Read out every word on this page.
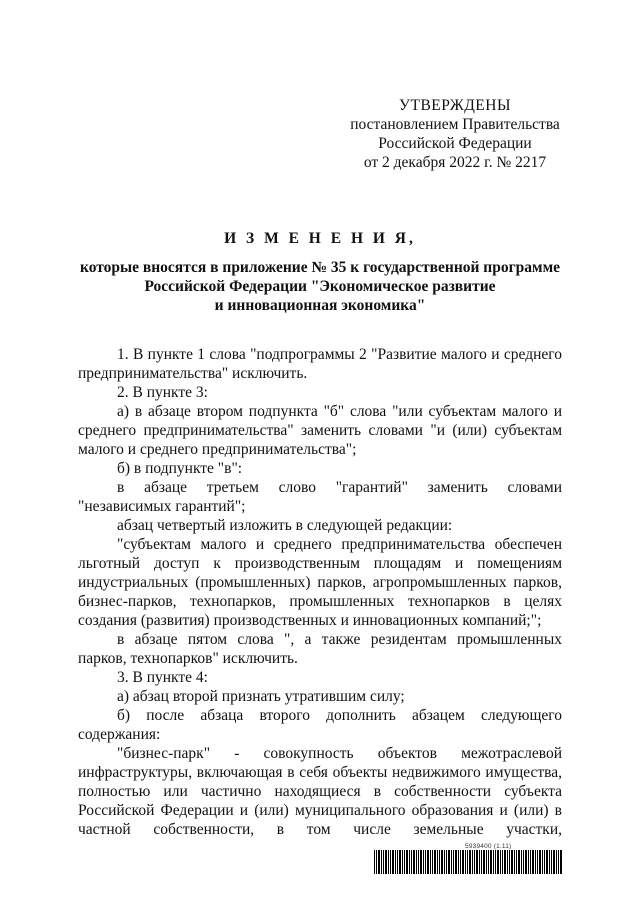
УТВЕРЖДЕНЫ
постановлением Правительства
Российской Федерации
от 2 декабря 2022 г. № 2217
И З М Е Н Е Н И Я,
которые вносятся в приложение № 35 к государственной программе
Российской Федерации "Экономическое развитие
и инновационная экономика"

1. В пункте 1 слова "подпрограммы 2 "Развитие малого и среднего предпринимательства" исключить.

2. В пункте 3:

а) в абзаце втором подпункта "б" слова "или субъектам малого и среднего предпринимательства" заменить словами "и (или) субъектам малого и среднего предпринимательства";

б) в подпункте "в":

в абзаце третьем слово "гарантий" заменить словами "независимых гарантий";

абзац четвертый изложить в следующей редакции:

"субъектам малого и среднего предпринимательства обеспечен льготный доступ к производственным площадям и помещениям индустриальных (промышленных) парков, агропромышленных парков, бизнес-парков, технопарков, промышленных технопарков в целях создания (развития) производственных и инновационных компаний;";

в абзаце пятом слова ", а также резидентам промышленных парков, технопарков" исключить.

3. В пункте 4:

а) абзац второй признать утратившим силу;

б) после абзаца второго дополнить абзацем следующего содержания:

"бизнес-парк" - совокупность объектов межотраслевой инфраструктуры, включающая в себя объекты недвижимого имущества, полностью или частично находящиеся в собственности субъекта Российской Федерации и (или) муниципального образования и (или) в частной собственности, в том числе земельные участки,

5939400 (1.11)
